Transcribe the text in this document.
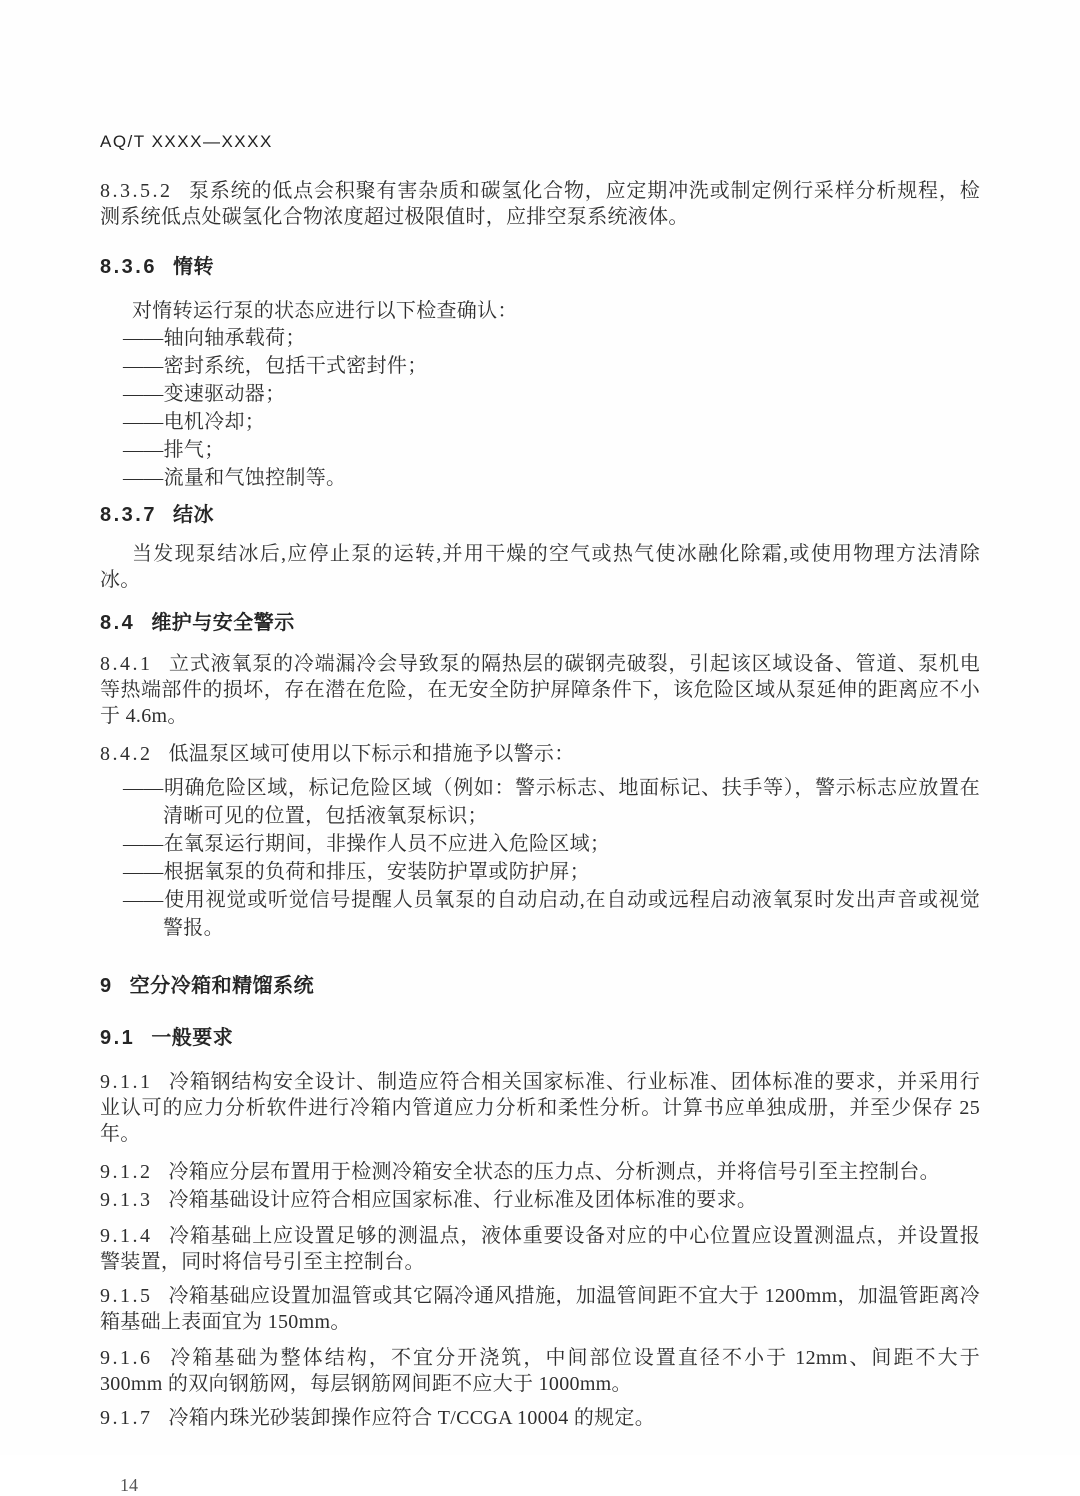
AQ/T XXXX—XXXX
8.3.5.2 泵系统的低点会积聚有害杂质和碳氢化合物，应定期冲洗或制定例行采样分析规程，检测系统低点处碳氢化合物浓度超过极限值时，应排空泵系统液体。
8.3.6 惰转
对惰转运行泵的状态应进行以下检查确认：
——轴向轴承载荷；
——密封系统，包括干式密封件；
——变速驱动器；
——电机冷却；
——排气；
——流量和气蚀控制等。
8.3.7 结冰
当发现泵结冰后,应停止泵的运转,并用干燥的空气或热气使冰融化除霜,或使用物理方法清除冰。
8.4 维护与安全警示
8.4.1 立式液氧泵的冷端漏冷会导致泵的隔热层的碳钢壳破裂，引起该区域设备、管道、泵机电等热端部件的损坏，存在潜在危险，在无安全防护屏障条件下，该危险区域从泵延伸的距离应不小于 4.6m。
8.4.2 低温泵区域可使用以下标示和措施予以警示：
——明确危险区域，标记危险区域（例如：警示标志、地面标记、扶手等），警示标志应放置在清晰可见的位置，包括液氧泵标识；
——在氧泵运行期间，非操作人员不应进入危险区域；
——根据氧泵的负荷和排压，安装防护罩或防护屏；
——使用视觉或听觉信号提醒人员氧泵的自动启动,在自动或远程启动液氧泵时发出声音或视觉警报。
9 空分冷箱和精馏系统
9.1 一般要求
9.1.1 冷箱钢结构安全设计、制造应符合相关国家标准、行业标准、团体标准的要求，并采用行业认可的应力分析软件进行冷箱内管道应力分析和柔性分析。计算书应单独成册，并至少保存 25 年。
9.1.2 冷箱应分层布置用于检测冷箱安全状态的压力点、分析测点，并将信号引至主控制台。
9.1.3 冷箱基础设计应符合相应国家标准、行业标准及团体标准的要求。
9.1.4 冷箱基础上应设置足够的测温点，液体重要设备对应的中心位置应设置测温点，并设置报警装置，同时将信号引至主控制台。
9.1.5 冷箱基础应设置加温管或其它隔冷通风措施，加温管间距不宜大于 1200mm，加温管距离冷箱基础上表面宜为 150mm。
9.1.6 冷箱基础为整体结构，不宜分开浇筑，中间部位设置直径不小于 12mm、间距不大于 300mm 的双向钢筋网，每层钢筋网间距不应大于 1000mm。
9.1.7 冷箱内珠光砂装卸操作应符合 T/CCGA 10004 的规定。
14
